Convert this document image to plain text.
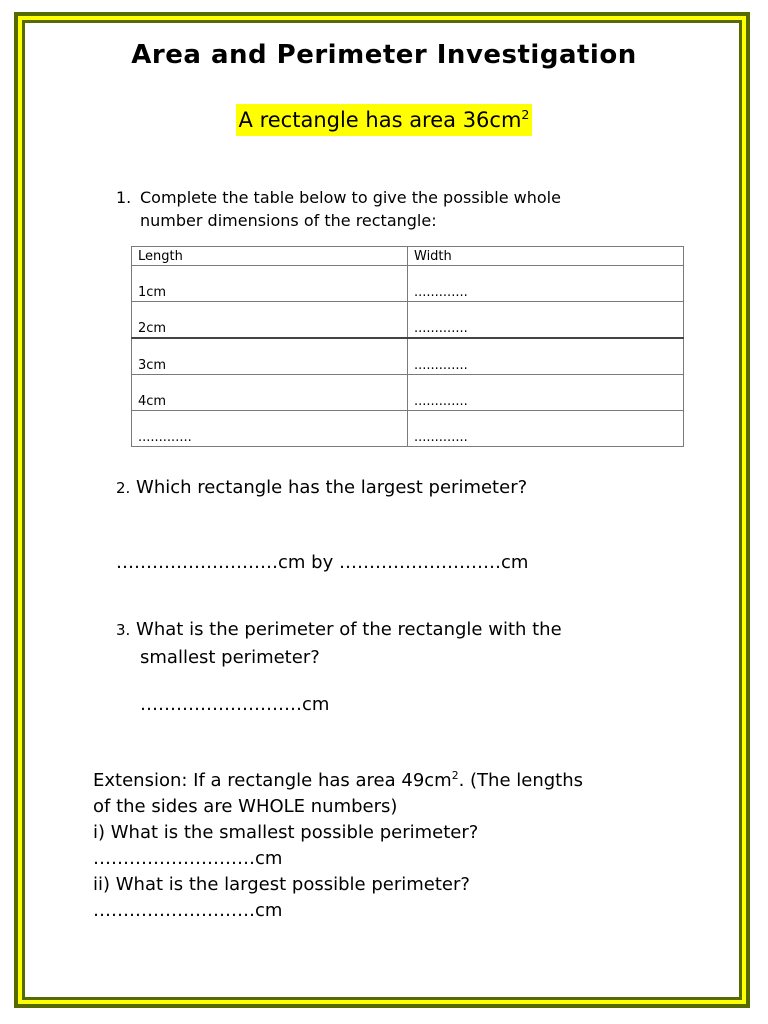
Area and Perimeter Investigation
A rectangle has area $36cm^2$
1. Complete the table below to give the possible whole
number dimensions of the rectangle:
Length	Width
1cm	.............
2cm	.............
3cm	.............
4cm	.............
.............	.............
2. Which rectangle has the largest perimeter?
………………………cm by ………………………cm
3. What is the perimeter of the rectangle with the
smallest perimeter?
………………………cm
Extension: If a rectangle has area $49cm^2$. (The lengths
of the sides are WHOLE numbers)
i) What is the smallest possible perimeter?
………………………cm
ii) What is the largest possible perimeter?
………………………cm
